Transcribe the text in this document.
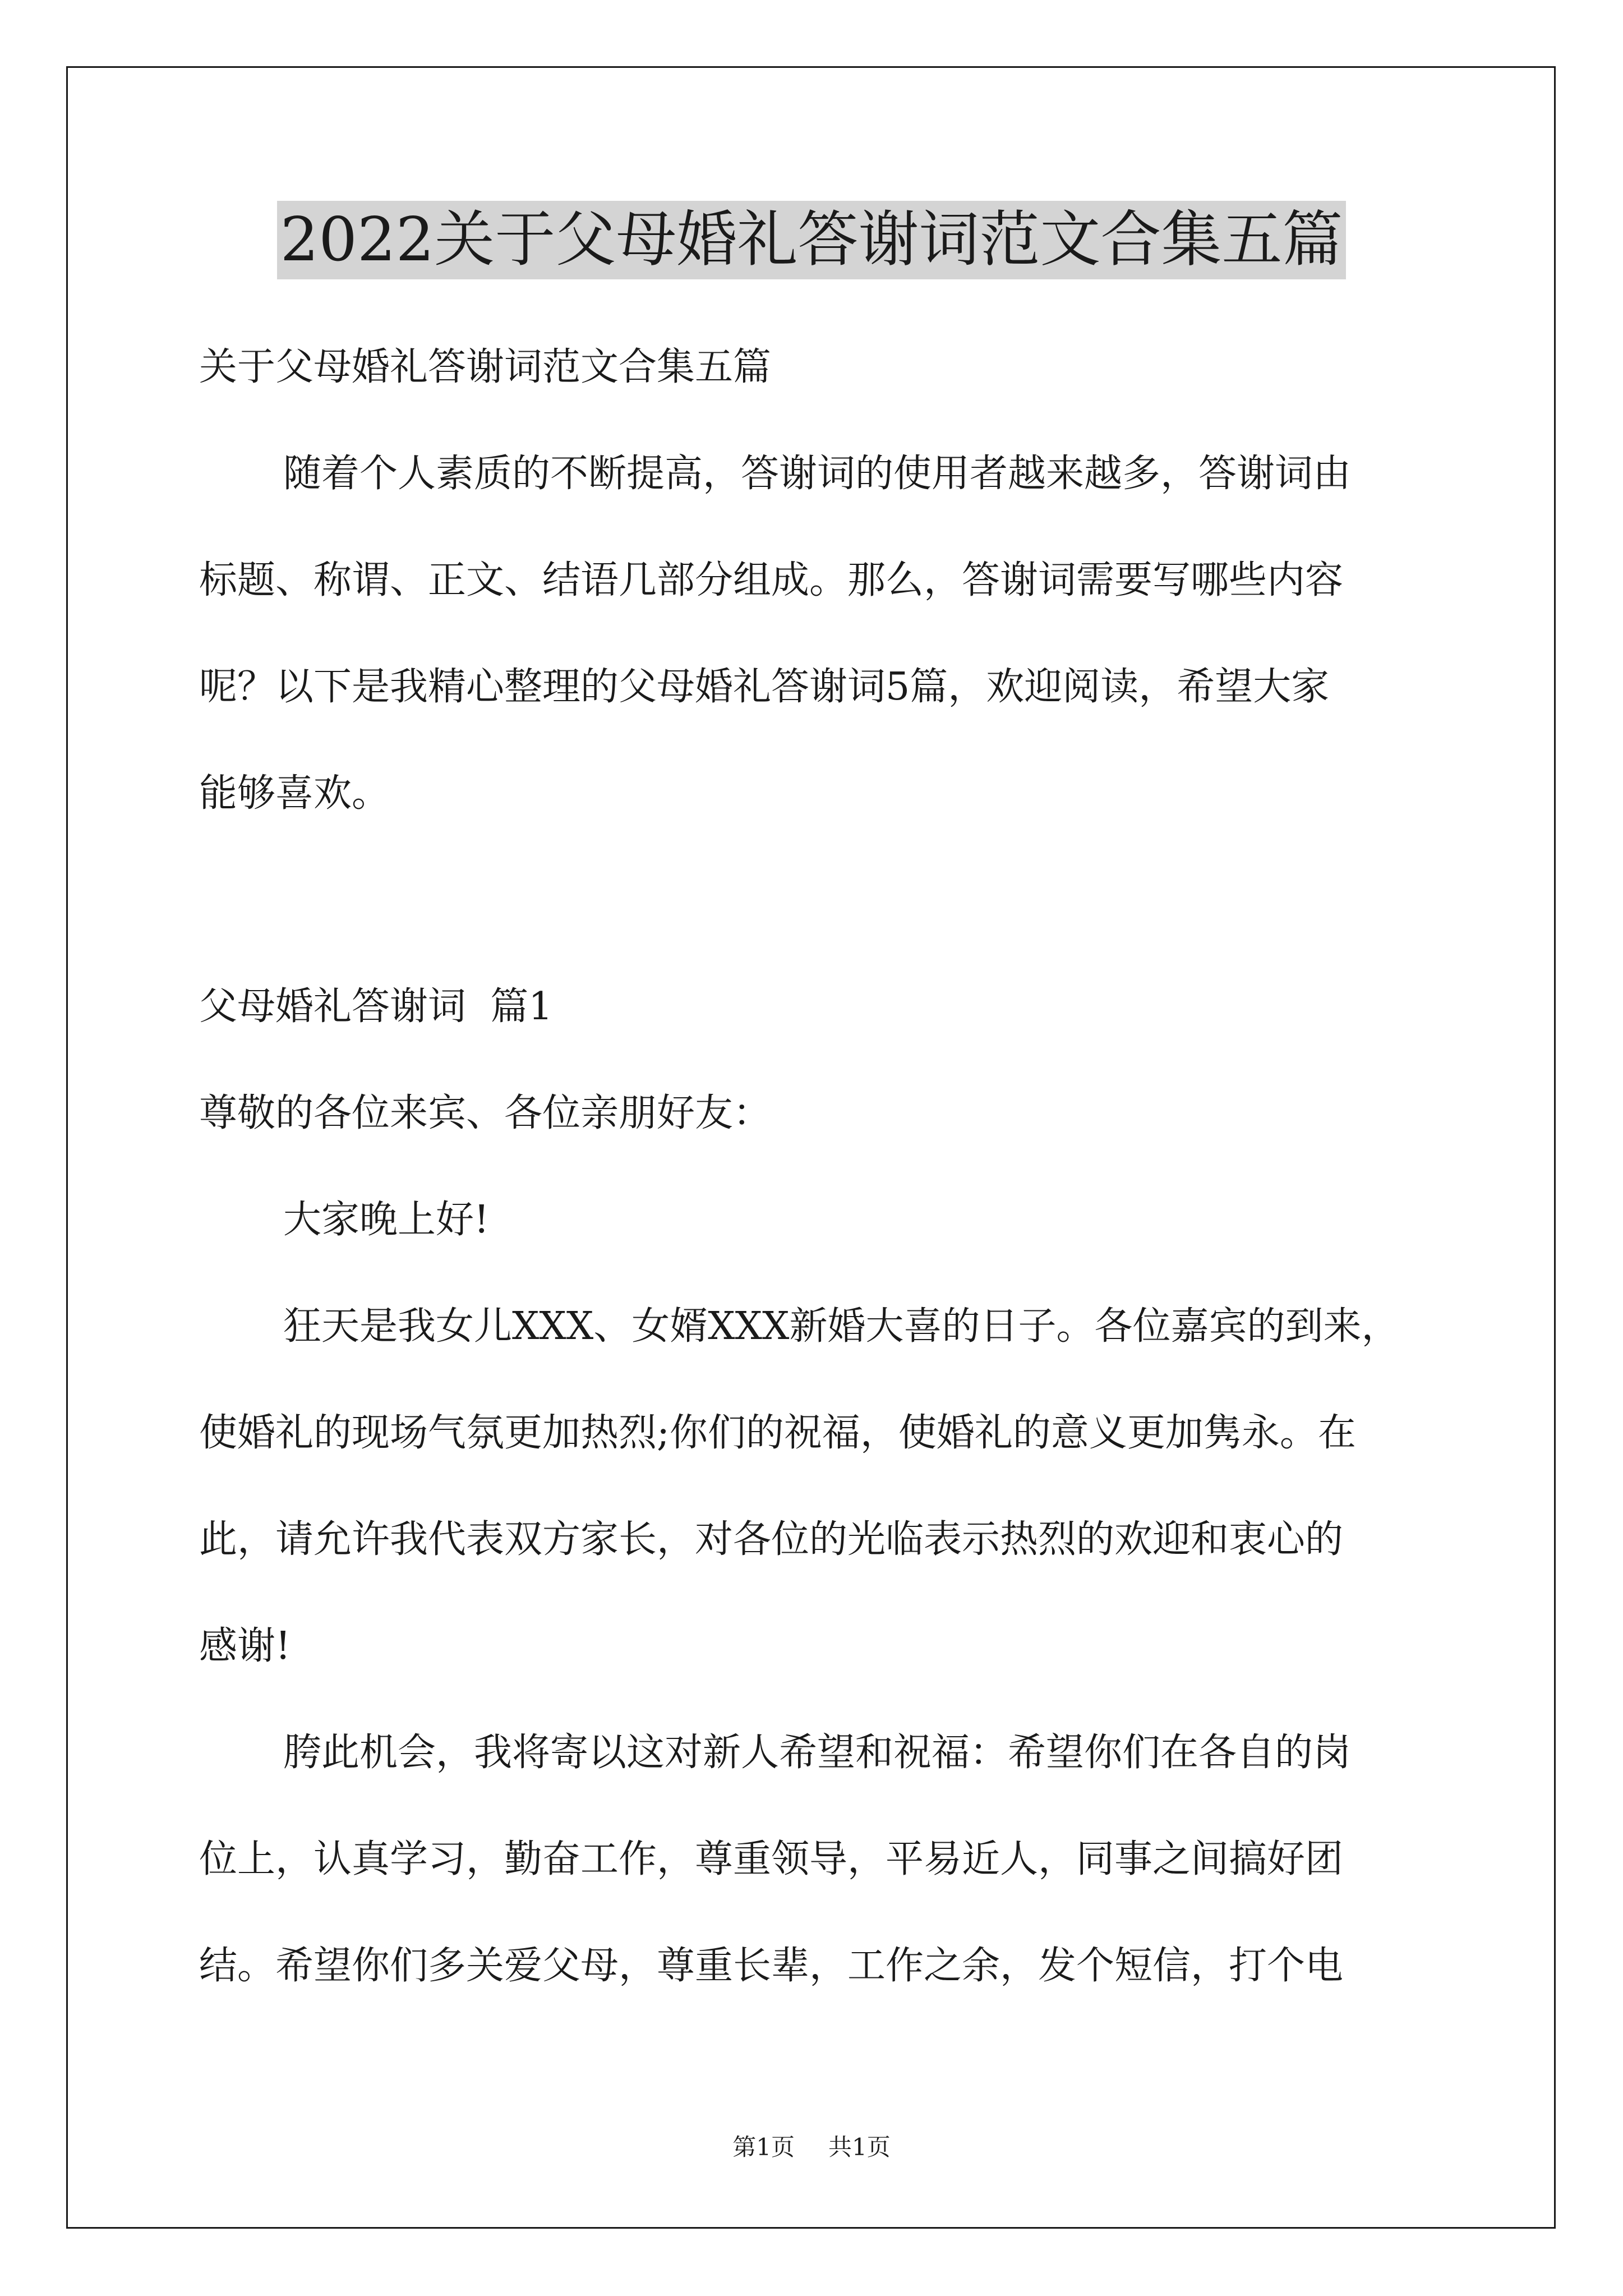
2022关于父母婚礼答谢词范文合集五篇

关于父母婚礼答谢词范文合集五篇

随着个人素质的不断提高，答谢词的使用者越来越多，答谢词由

标题、称谓、正文、结语几部分组成。那么，答谢词需要写哪些内容

呢？以下是我精心整理的父母婚礼答谢词5篇，欢迎阅读，希望大家

能够喜欢。

父母婚礼答谢词  篇1

尊敬的各位来宾、各位亲朋好友：

大家晚上好!

狂天是我女儿XXX、女婿XXX新婚大喜的日子。各位嘉宾的到来，

使婚礼的现场气氛更加热烈;你们的祝福，使婚礼的意义更加隽永。在

此，请允许我代表双方家长，对各位的光临表示热烈的欢迎和衷心的

感谢!

胯此机会，我将寄以这对新人希望和祝福：希望你们在各自的岗

位上，认真学习，勤奋工作，尊重领导，平易近人，同事之间搞好团

结。希望你们多关爱父母，尊重长辈，工作之余，发个短信，打个电

第1页 共1页
